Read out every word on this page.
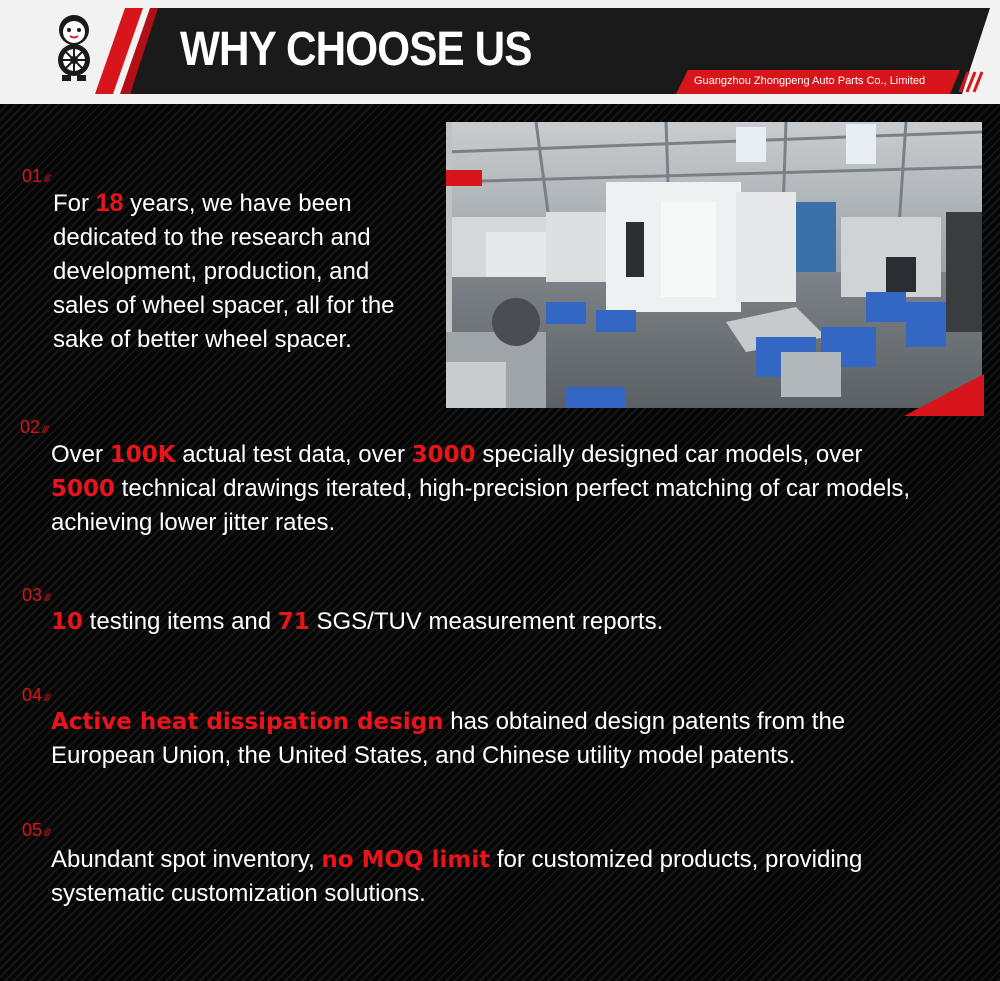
WHY CHOOSE US
Guangzhou Zhongpeng Auto Parts Co., Limited
01 ///
For 18 years, we have been
dedicated to the research and
development, production, and
sales of wheel spacer, all for the
sake of better wheel spacer.
02 ///
Over 100K actual test data, over 3000 specially designed car models, over
5000 technical drawings iterated, high-precision perfect matching of car models,
achieving lower jitter rates.
03 ///
10 testing items and 71 SGS/TUV measurement reports.
04 ///
Active heat dissipation design has obtained design patents from the
European Union, the United States, and Chinese utility model patents.
05 ///
Abundant spot inventory, no MOQ limit for customized products, providing
systematic customization solutions.
